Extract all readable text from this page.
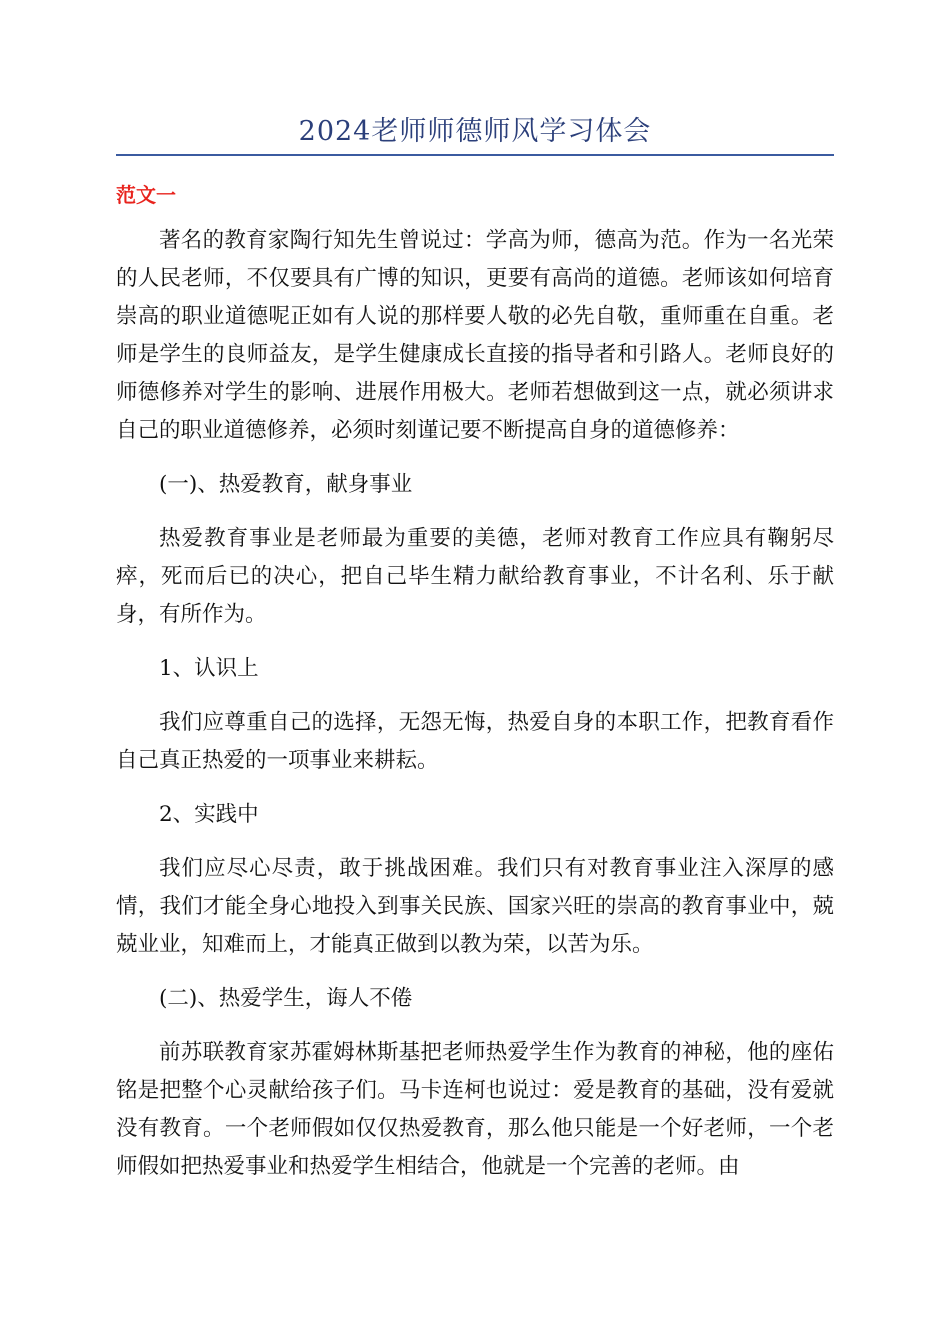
2024老师师德师风学习体会
范文一

著名的教育家陶行知先生曾说过：学高为师，德高为范。作为一名光荣的人民老师，不仅要具有广博的知识，更要有高尚的道德。老师该如何培育崇高的职业道德呢正如有人说的那样要人敬的必先自敬，重师重在自重。老师是学生的良师益友，是学生健康成长直接的指导者和引路人。老师良好的师德修养对学生的影响、进展作用极大。老师若想做到这一点，就必须讲求自己的职业道德修养，必须时刻谨记要不断提高自身的道德修养：

(一)、热爱教育，献身事业

热爱教育事业是老师最为重要的美德，老师对教育工作应具有鞠躬尽瘁，死而后已的决心，把自己毕生精力献给教育事业，不计名利、乐于献身，有所作为。

1、认识上

我们应尊重自己的选择，无怨无悔，热爱自身的本职工作，把教育看作自己真正热爱的一项事业来耕耘。

2、实践中

我们应尽心尽责，敢于挑战困难。我们只有对教育事业注入深厚的感情，我们才能全身心地投入到事关民族、国家兴旺的崇高的教育事业中，兢兢业业，知难而上，才能真正做到以教为荣，以苦为乐。

(二)、热爱学生，诲人不倦

前苏联教育家苏霍姆林斯基把老师热爱学生作为教育的神秘，他的座佑铭是把整个心灵献给孩子们。马卡连柯也说过：爱是教育的基础，没有爱就没有教育。一个老师假如仅仅热爱教育，那么他只能是一个好老师，一个老师假如把热爱事业和热爱学生相结合，他就是一个完善的老师。由
